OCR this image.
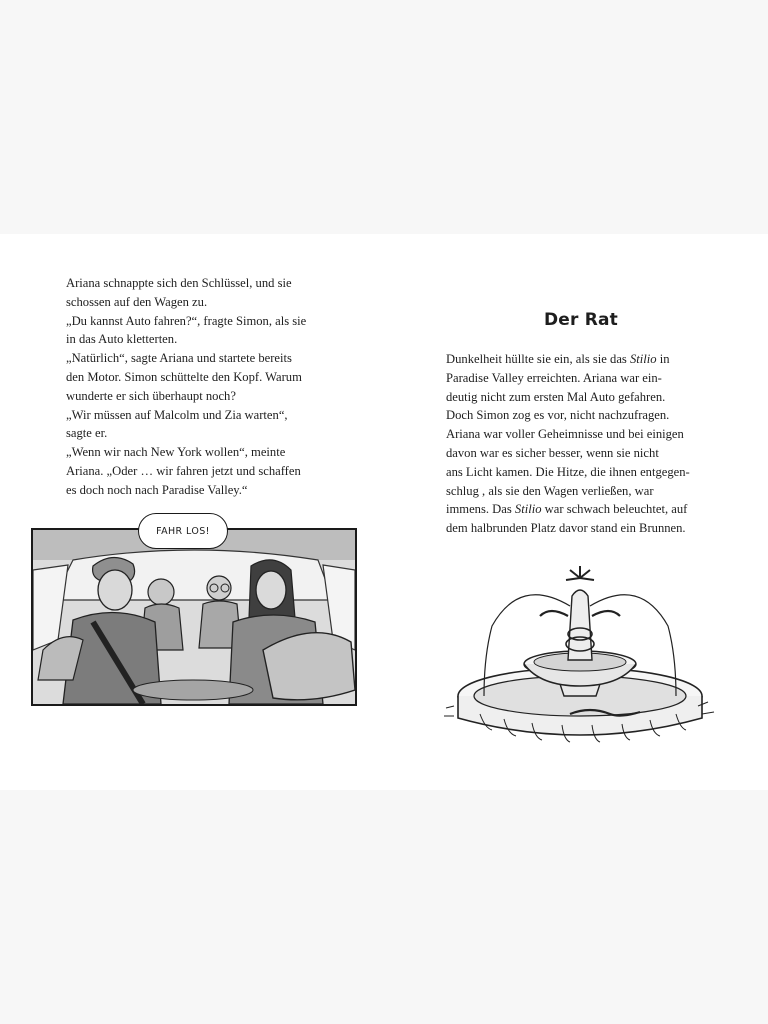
Ariana schnappte sich den Schlüssel, und sie
schossen auf den Wagen zu.
„Du kannst Auto fahren?“, fragte Simon, als sie
in das Auto kletterten.
„Natürlich“, sagte Ariana und startete bereits
den Motor. Simon schüttelte den Kopf. Warum
wunderte er sich überhaupt noch?
„Wir müssen auf Malcolm und Zia warten“,
sagte er.
„Wenn wir nach New York wollen“, meinte
Ariana. „Oder … wir fahren jetzt und schaffen
es doch noch nach Paradise Valley.“

FAHR LOS!
Der Rat

Dunkelheit hüllte sie ein, als sie das Stilio in
Paradise Valley erreichten. Ariana war ein-
deutig nicht zum ersten Mal Auto gefahren.
Doch Simon zog es vor, nicht nachzufragen.
Ariana war voller Geheimnisse und bei einigen
davon war es sicher besser, wenn sie nicht
ans Licht kamen. Die Hitze, die ihnen entgegen-
schlug , als sie den Wagen verließen, war
immens. Das Stilio war schwach beleuchtet, auf
dem halbrunden Platz davor stand ein Brunnen.
